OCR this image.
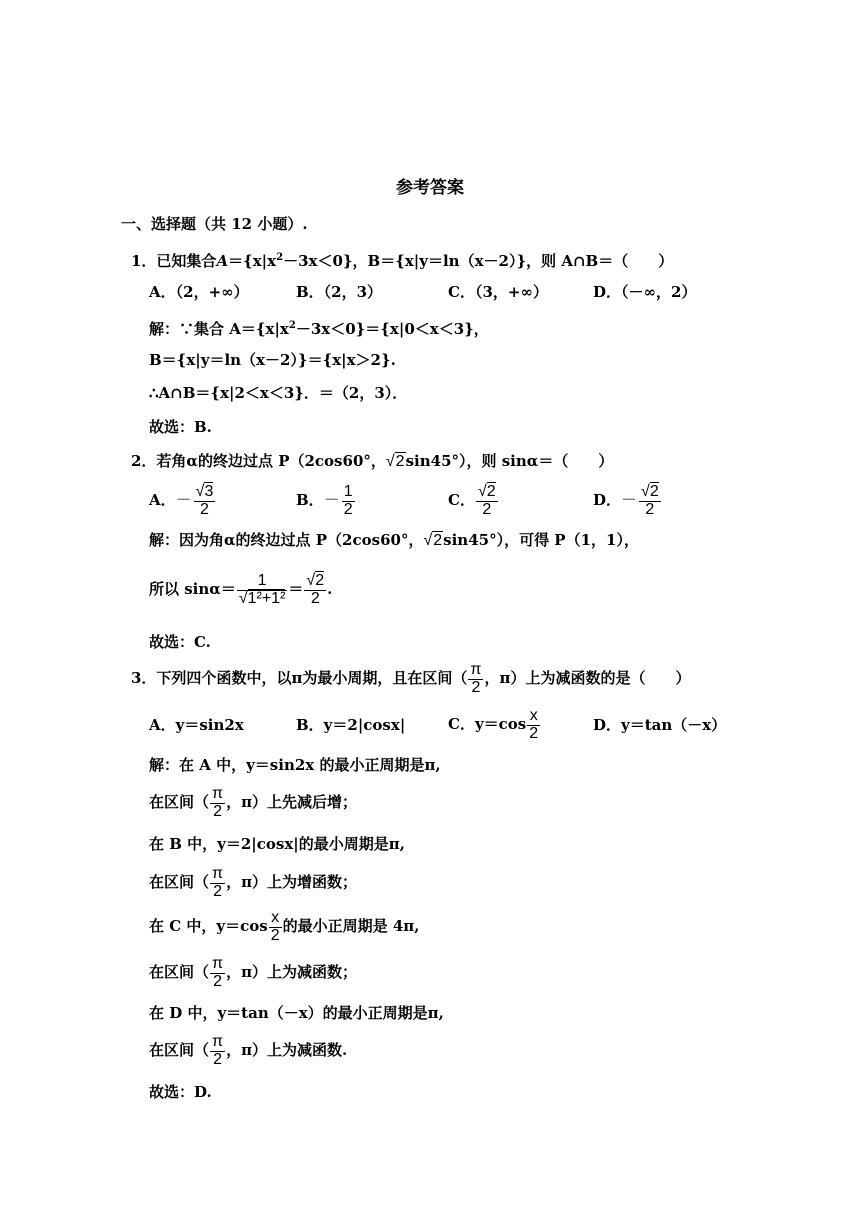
参考答案
一、选择题（共 12 小题）.
1．已知集合$A=\{x|x^2-3x<0\}$，B＝{x|y＝ln（x－2）}，则 A∩B＝（　　）
A．（2，+∞）	B．（2，3）	C．（3，+∞）	D．（－∞，2）
解：∵集合 $A=\{x|x^2-3x<0\}=\{x|0<x<3\}$，
B＝{x|y＝ln（x－2）}＝{x|x＞2}.
∴A∩B＝{x|2＜x＜3}．＝（2，3）．
故选：B.
2．若角α的终边过点 P（2cos60°，√2sin45°），则 sinα＝（　　）
A．－ $\frac{√3}{2}$	B．－ $\frac{1}{2}$	C． $\frac{√2}{2}$	D．－ $\frac{√2}{2}$
解：因为角α的终边过点 P（2cos60°，√2sin45°），可得 P（1，1），
所以 $\sin\alpha= \frac{1}{\text{√1²+1²}} = \frac{√2}{2}$ .
故选：C.
3．下列四个函数中，以π为最小周期，且在区间（ $\frac{\pi}{2}$ ，π）上为减函数的是（　　）
A．y＝sin2x	B．y＝2|cosx|	C．$y=\cos \frac{x}{2}$	D．y＝tan（－x）
解：在 A 中，y＝sin2x 的最小正周期是π,
在区间（ $\frac{\pi}{2}$ ，π）上先减后增；
在 B 中，y＝2|cosx|的最小周期是π,
在区间（ $\frac{\pi}{2}$ ，π）上为增函数；
在 C 中，$y=\cos \frac{x}{2}$ 的最小正周期是 4π,
在区间（ $\frac{\pi}{2}$ ，π）上为减函数；
在 D 中，y＝tan（－x）的最小正周期是π,
在区间（ $\frac{\pi}{2}$ ，π）上为减函数.
故选：D.
